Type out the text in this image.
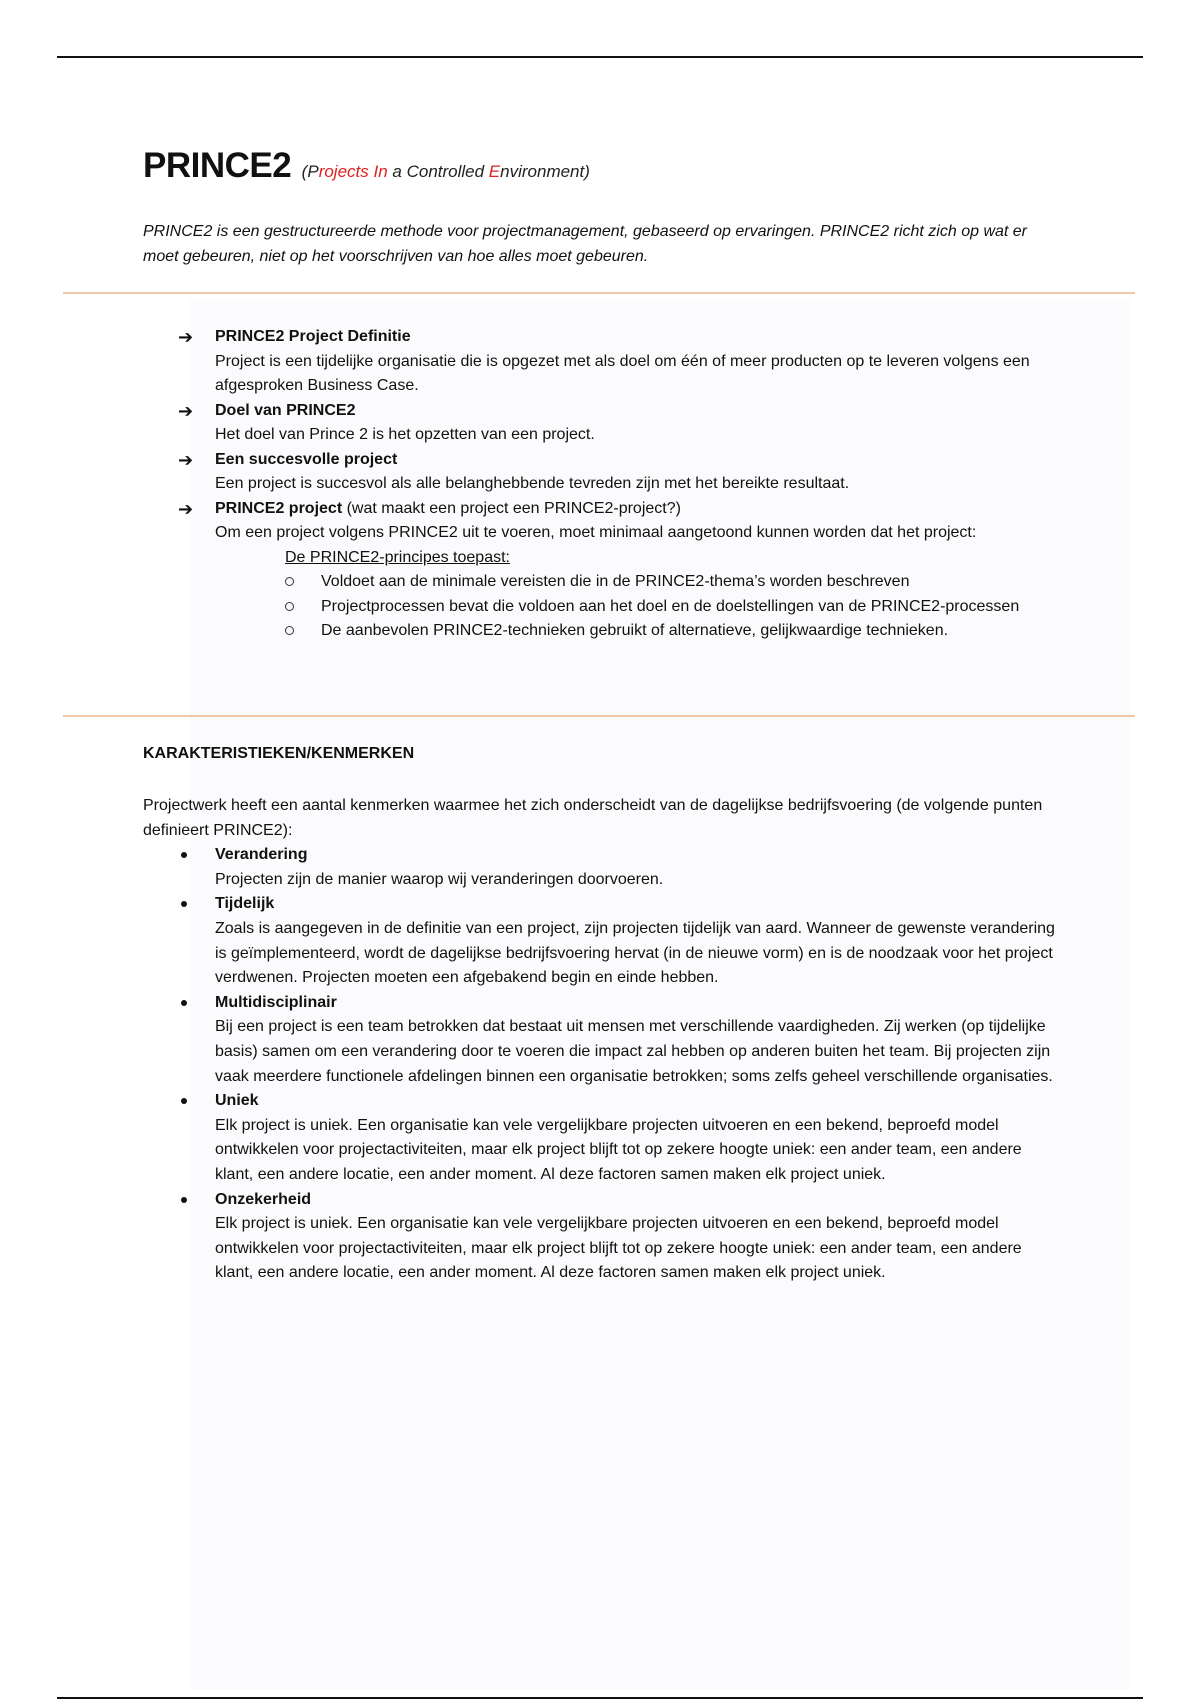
PRINCE2 (Projects In a Controlled Environment)
PRINCE2 is een gestructureerde methode voor projectmanagement, gebaseerd op ervaringen. PRINCE2 richt zich op wat er moet gebeuren, niet op het voorschrijven van hoe alles moet gebeuren.
➔ PRINCE2 Project Definitie
Project is een tijdelijke organisatie die is opgezet met als doel om één of meer producten op te leveren volgens een afgesproken Business Case.
➔ Doel van PRINCE2
Het doel van Prince 2 is het opzetten van een project.
➔ Een succesvolle project
Een project is succesvol als alle belanghebbende tevreden zijn met het bereikte resultaat.
➔ PRINCE2 project (wat maakt een project een PRINCE2-project?)
Om een project volgens PRINCE2 uit te voeren, moet minimaal aangetoond kunnen worden dat het project:
De PRINCE2-principes toepast:
Voldoet aan de minimale vereisten die in de PRINCE2-thema’s worden beschreven
Projectprocessen bevat die voldoen aan het doel en de doelstellingen van de PRINCE2-processen
De aanbevolen PRINCE2-technieken gebruikt of alternatieve, gelijkwaardige technieken.
KARAKTERISTIEKEN/KENMERKEN
Projectwerk heeft een aantal kenmerken waarmee het zich onderscheidt van de dagelijkse bedrijfsvoering (de volgende punten definieert PRINCE2):
Verandering
Projecten zijn de manier waarop wij veranderingen doorvoeren.
Tijdelijk
Zoals is aangegeven in de definitie van een project, zijn projecten tijdelijk van aard. Wanneer de gewenste verandering is geïmplementeerd, wordt de dagelijkse bedrijfsvoering hervat (in de nieuwe vorm) en is de noodzaak voor het project verdwenen. Projecten moeten een afgebakend begin en einde hebben.
Multidisciplinair
Bij een project is een team betrokken dat bestaat uit mensen met verschillende vaardigheden. Zij werken (op tijdelijke basis) samen om een verandering door te voeren die impact zal hebben op anderen buiten het team. Bij projecten zijn vaak meerdere functionele afdelingen binnen een organisatie betrokken; soms zelfs geheel verschillende organisaties.
Uniek
Elk project is uniek. Een organisatie kan vele vergelijkbare projecten uitvoeren en een bekend, beproefd model ontwikkelen voor projectactiviteiten, maar elk project blijft tot op zekere hoogte uniek: een ander team, een andere klant, een andere locatie, een ander moment. Al deze factoren samen maken elk project uniek.
Onzekerheid
Elk project is uniek. Een organisatie kan vele vergelijkbare projecten uitvoeren en een bekend, beproefd model ontwikkelen voor projectactiviteiten, maar elk project blijft tot op zekere hoogte uniek: een ander team, een andere klant, een andere locatie, een ander moment. Al deze factoren samen maken elk project uniek.
